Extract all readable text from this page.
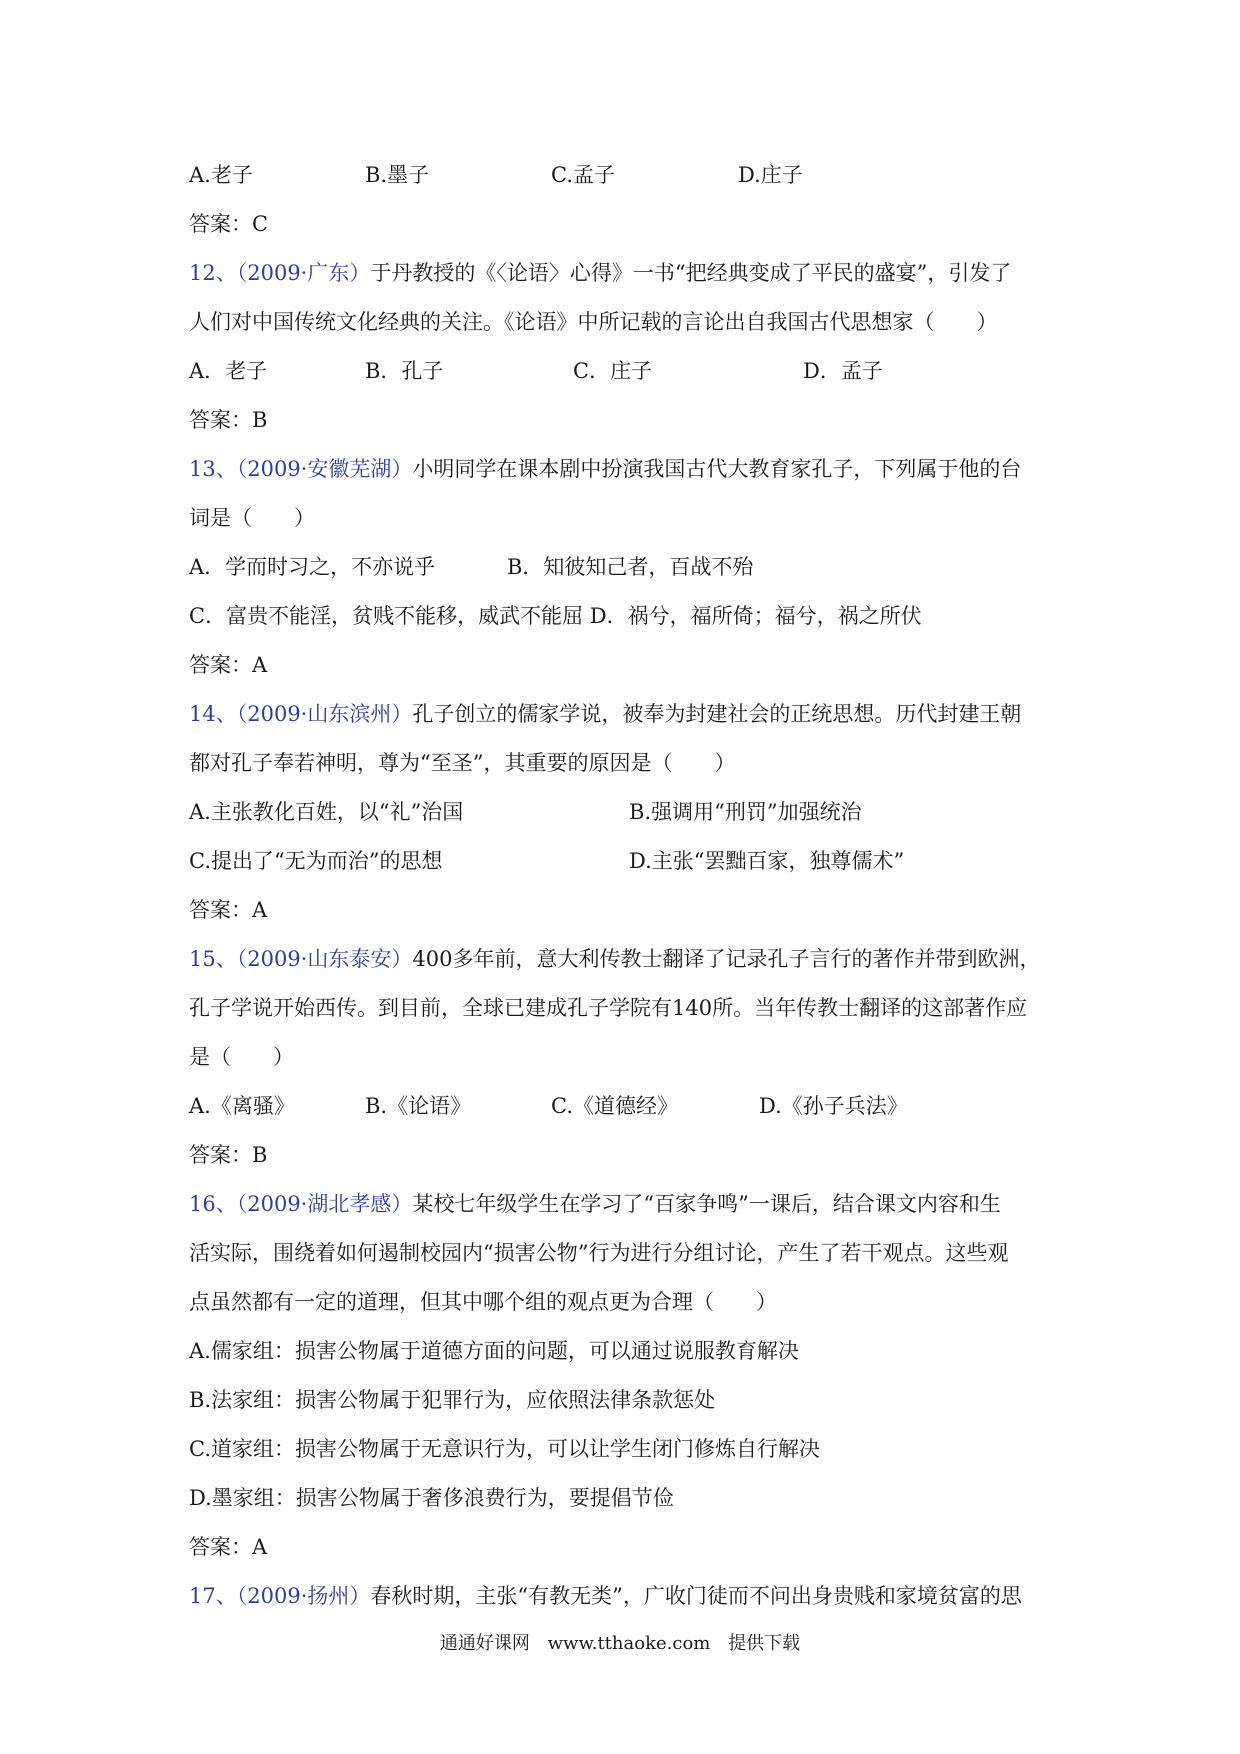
A.老子	B.墨子	C.孟子	D.庄子
答案：C
12、（2009·广东）于丹教授的《〈论语〉心得》一书“把经典变成了平民的盛宴”，引发了
人们对中国传统文化经典的关注。《论语》中所记载的言论出自我国古代思想家（　　）
A．老子	B．孔子	C．庄子	D．孟子
答案：B
13、（2009·安徽芜湖）小明同学在课本剧中扮演我国古代大教育家孔子，下列属于他的台
词是（　　）
A．学而时习之，不亦说乎	B．知彼知己者，百战不殆
C．富贵不能淫，贫贱不能移，威武不能屈 D．祸兮，福所倚；福兮，祸之所伏
答案：A
14、（2009·山东滨州）孔子创立的儒家学说，被奉为封建社会的正统思想。历代封建王朝
都对孔子奉若神明，尊为“至圣”，其重要的原因是（　　）
A.主张教化百姓，以“礼”治国	B.强调用“刑罚”加强统治
C.提出了“无为而治”的思想	D.主张“罢黜百家，独尊儒术”
答案：A
15、（2009·山东泰安）400多年前，意大利传教士翻译了记录孔子言行的著作并带到欧洲，
孔子学说开始西传。到目前，全球已建成孔子学院有140所。当年传教士翻译的这部著作应
是（　　）
A.《离骚》	B.《论语》	C.《道德经》	D.《孙子兵法》
答案：B
16、（2009·湖北孝感）某校七年级学生在学习了“百家争鸣”一课后，结合课文内容和生
活实际，围绕着如何遏制校园内“损害公物”行为进行分组讨论，产生了若干观点。这些观
点虽然都有一定的道理，但其中哪个组的观点更为合理（　　）
A.儒家组：损害公物属于道德方面的问题，可以通过说服教育解决
B.法家组：损害公物属于犯罪行为，应依照法律条款惩处
C.道家组：损害公物属于无意识行为，可以让学生闭门修炼自行解决
D.墨家组：损害公物属于奢侈浪费行为，要提倡节俭
答案：A
17、（2009·扬州）春秋时期，主张“有教无类”，广收门徒而不问出身贵贱和家境贫富的思
通通好课网 www.tthaoke.com 提供下载
